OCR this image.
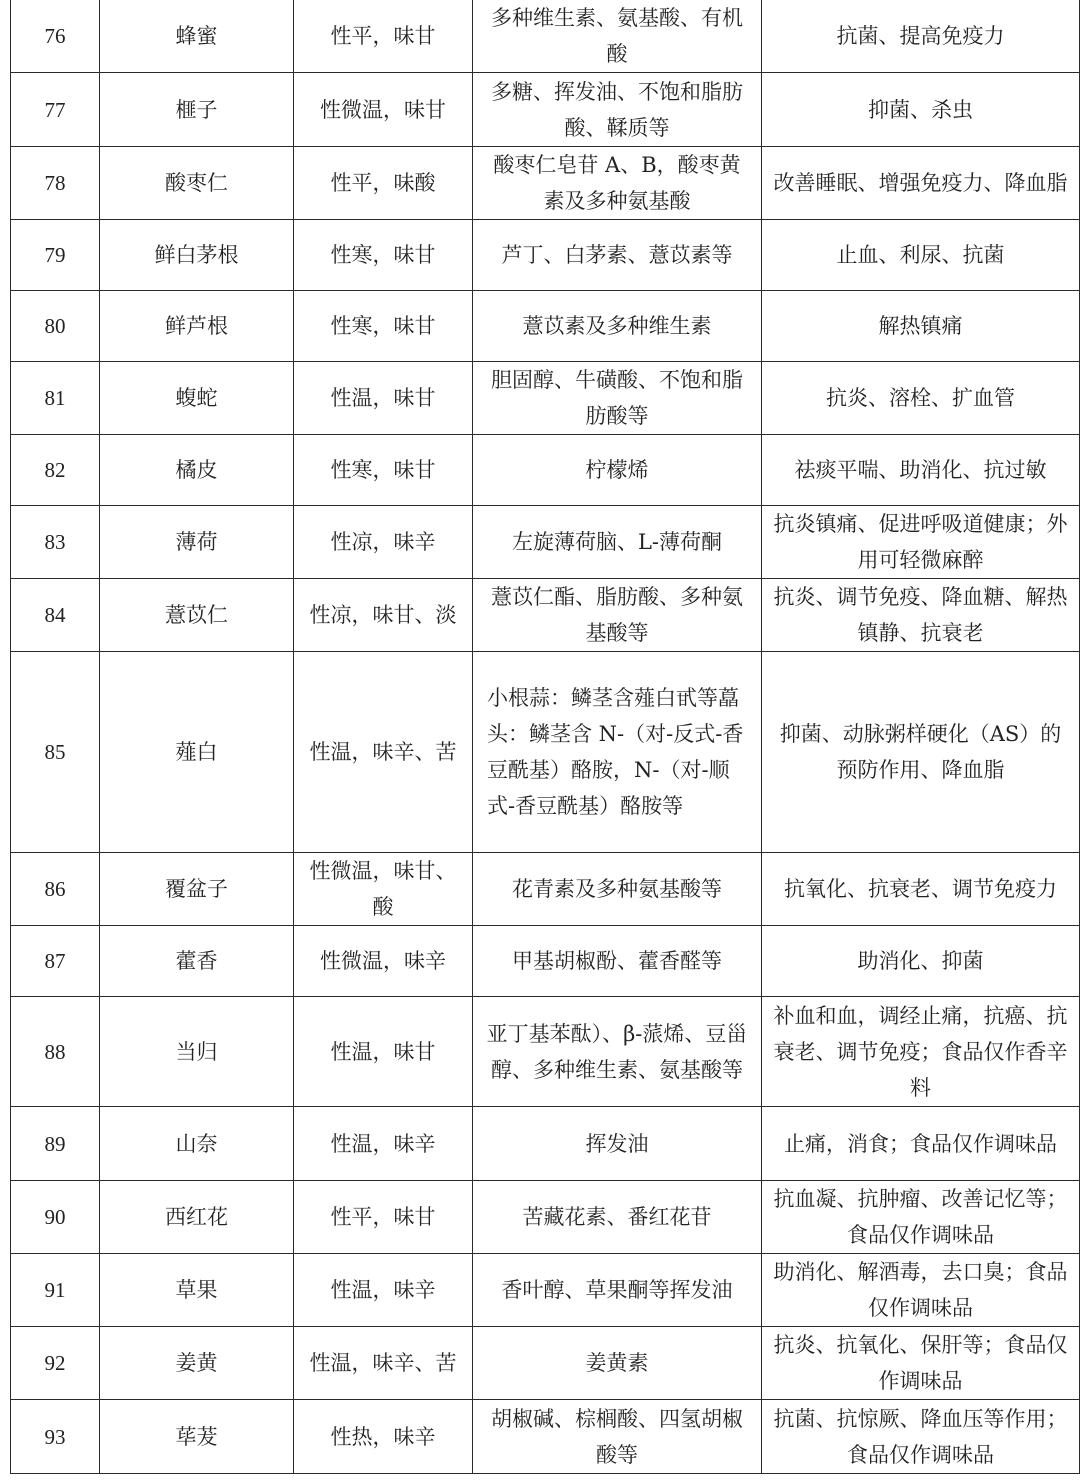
76	蜂蜜	性平，味甘	多种维生素、氨基酸、有机酸	抗菌、提高免疫力
77	榧子	性微温，味甘	多糖、挥发油、不饱和脂肪酸、鞣质等	抑菌、杀虫
78	酸枣仁	性平，味酸	酸枣仁皂苷 A、B，酸枣黄素及多种氨基酸	改善睡眠、增强免疫力、降血脂
79	鲜白茅根	性寒，味甘	芦丁、白茅素、薏苡素等	止血、利尿、抗菌
80	鲜芦根	性寒，味甘	薏苡素及多种维生素	解热镇痛
81	蝮蛇	性温，味甘	胆固醇、牛磺酸、不饱和脂肪酸等	抗炎、溶栓、扩血管
82	橘皮	性寒，味甘	柠檬烯	祛痰平喘、助消化、抗过敏
83	薄荷	性凉，味辛	左旋薄荷脑、L-薄荷酮	抗炎镇痛、促进呼吸道健康；外用可轻微麻醉
84	薏苡仁	性凉，味甘、淡	薏苡仁酯、脂肪酸、多种氨基酸等	抗炎、调节免疫、降血糖、解热镇静、抗衰老
85	薤白	性温，味辛、苦	小根蒜：鳞茎含薤白甙等藠头：鳞茎含 N-（对-反式-香豆酰基）酪胺，N-（对-顺式-香豆酰基）酪胺等	抑菌、动脉粥样硬化（AS）的预防作用、降血脂
86	覆盆子	性微温，味甘、酸	花青素及多种氨基酸等	抗氧化、抗衰老、调节免疫力
87	藿香	性微温，味辛	甲基胡椒酚、藿香醛等	助消化、抑菌
88	当归	性温，味甘	亚丁基苯酞）、β-蒎烯、豆甾醇、多种维生素、氨基酸等	补血和血，调经止痛，抗癌、抗衰老、调节免疫；食品仅作香辛料
89	山奈	性温，味辛	挥发油	止痛，消食；食品仅作调味品
90	西红花	性平，味甘	苦藏花素、番红花苷	抗血凝、抗肿瘤、改善记忆等；食品仅作调味品
91	草果	性温，味辛	香叶醇、草果酮等挥发油	助消化、解酒毒，去口臭；食品仅作调味品
92	姜黄	性温，味辛、苦	姜黄素	抗炎、抗氧化、保肝等；食品仅作调味品
93	荜茇	性热，味辛	胡椒碱、棕榈酸、四氢胡椒酸等	抗菌、抗惊厥、降血压等作用；食品仅作调味品
